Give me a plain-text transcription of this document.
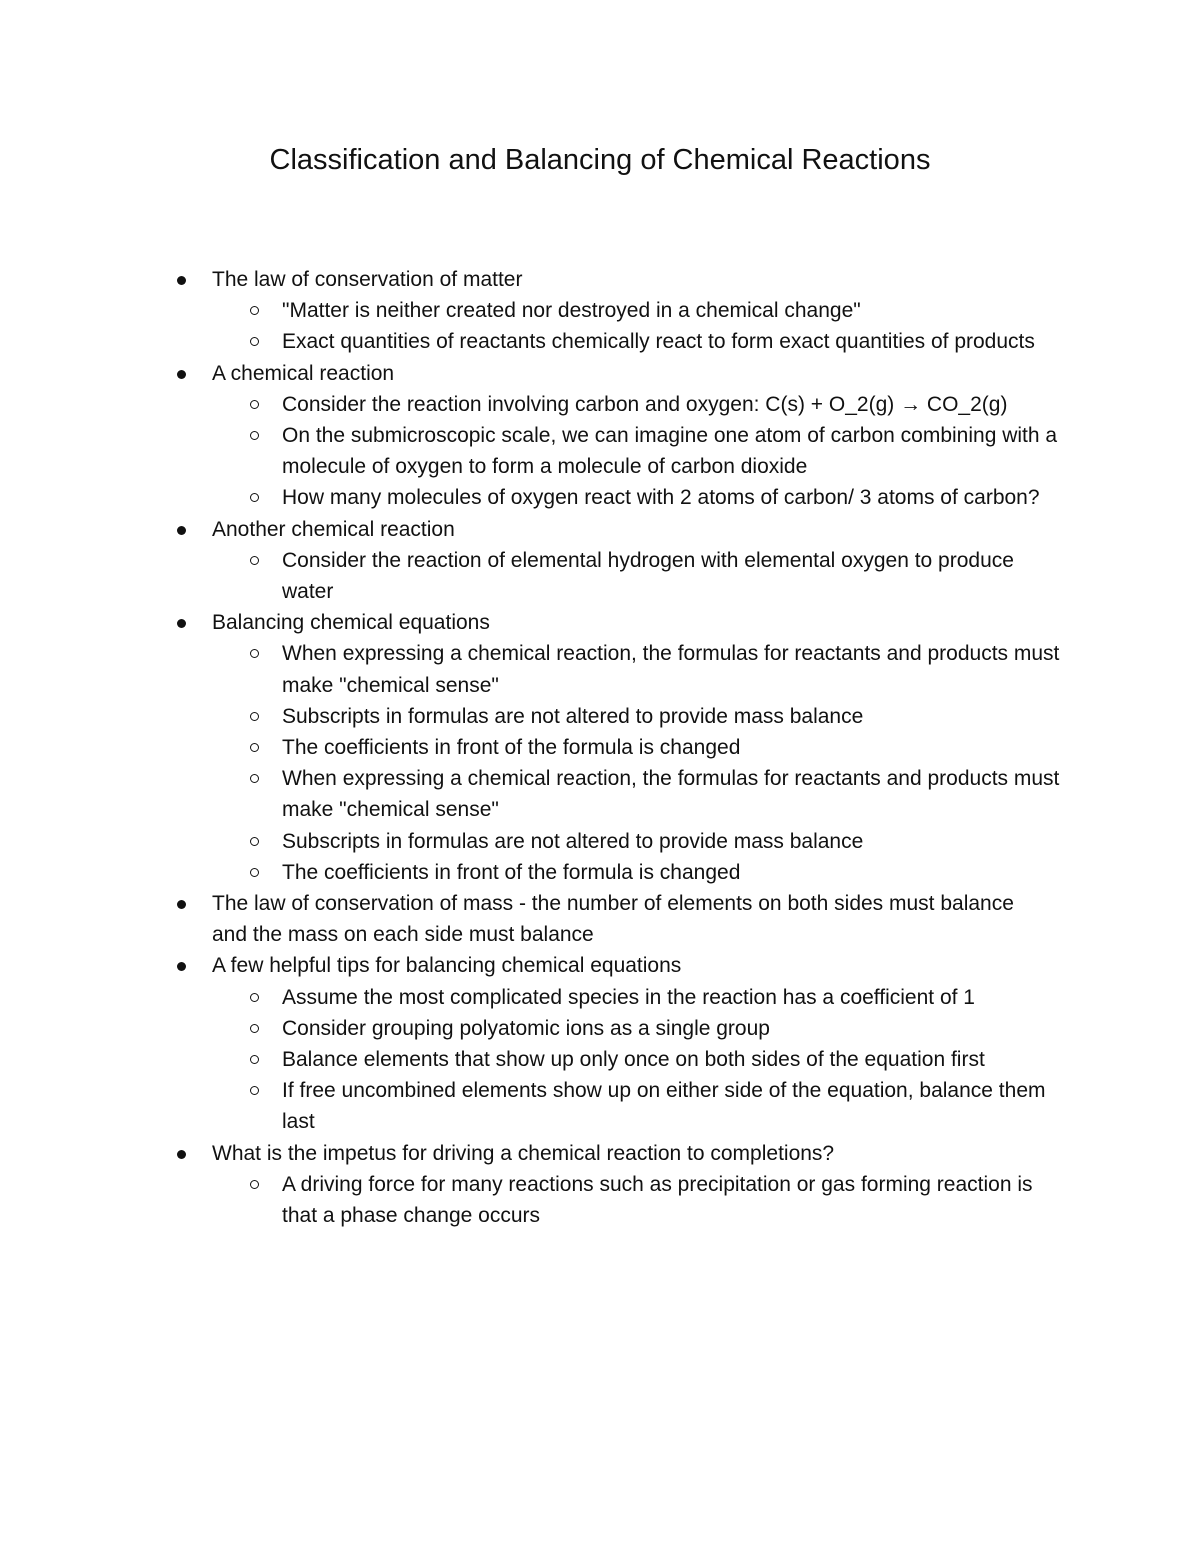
Classification and Balancing of Chemical Reactions
The law of conservation of matter
"Matter is neither created nor destroyed in a chemical change"
Exact quantities of reactants chemically react to form exact quantities of products
A chemical reaction
Consider the reaction involving carbon and oxygen: C(s) + O_2(g) → CO_2(g)
On the submicroscopic scale, we can imagine one atom of carbon combining with a molecule of oxygen to form a molecule of carbon dioxide
How many molecules of oxygen react with 2 atoms of carbon/ 3 atoms of carbon?
Another chemical reaction
Consider the reaction of elemental hydrogen with elemental oxygen to produce water
Balancing chemical equations
When expressing a chemical reaction, the formulas for reactants and products must make "chemical sense"
Subscripts in formulas are not altered to provide mass balance
The coefficients in front of the formula is changed
When expressing a chemical reaction, the formulas for reactants and products must make "chemical sense"
Subscripts in formulas are not altered to provide mass balance
The coefficients in front of the formula is changed
The law of conservation of mass - the number of elements on both sides must balance and the mass on each side must balance
A few helpful tips for balancing chemical equations
Assume the most complicated species in the reaction has a coefficient of 1
Consider grouping polyatomic ions as a single group
Balance elements that show up only once on both sides of the equation first
If free uncombined elements show up on either side of the equation, balance them last
What is the impetus for driving a chemical reaction to completions?
A driving force for many reactions such as precipitation or gas forming reaction is that a phase change occurs
